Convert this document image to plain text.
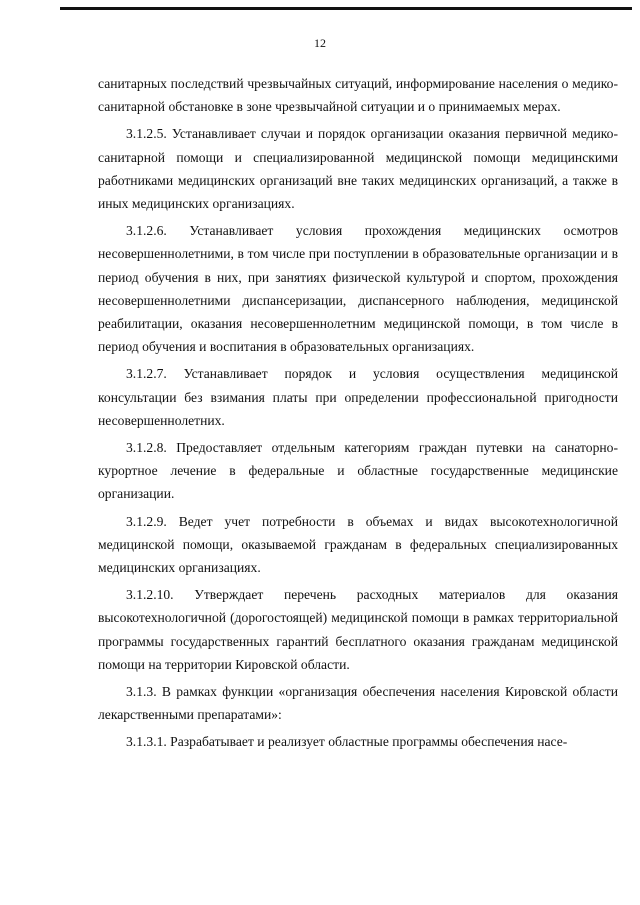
12

санитарных последствий чрезвычайных ситуаций, информирование населения о медико-санитарной обстановке в зоне чрезвычайной ситуации и о принимаемых мерах.

3.1.2.5. Устанавливает случаи и порядок организации оказания первичной медико-санитарной помощи и специализированной медицинской помощи медицинскими работниками медицинских организаций вне таких медицинских организаций, а также в иных медицинских организациях.

3.1.2.6. Устанавливает условия прохождения медицинских осмотров несовершеннолетними, в том числе при поступлении в образовательные организации и в период обучения в них, при занятиях физической культурой и спортом, прохождения несовершеннолетними диспансеризации, диспансерного наблюдения, медицинской реабилитации, оказания несовершеннолетним медицинской помощи, в том числе в период обучения и воспитания в образовательных организациях.

3.1.2.7. Устанавливает порядок и условия осуществления медицинской консультации без взимания платы при определении профессиональной пригодности несовершеннолетних.

3.1.2.8. Предоставляет отдельным категориям граждан путевки на санаторно-курортное лечение в федеральные и областные государственные медицинские организации.

3.1.2.9. Ведет учет потребности в объемах и видах высокотехнологичной медицинской помощи, оказываемой гражданам в федеральных специализированных медицинских организациях.

3.1.2.10. Утверждает перечень расходных материалов для оказания высокотехнологичной (дорогостоящей) медицинской помощи в рамках территориальной программы государственных гарантий бесплатного оказания гражданам медицинской помощи на территории Кировской области.

3.1.3. В рамках функции «организация обеспечения населения Кировской области лекарственными препаратами»:

3.1.3.1. Разрабатывает и реализует областные программы обеспечения насе-
